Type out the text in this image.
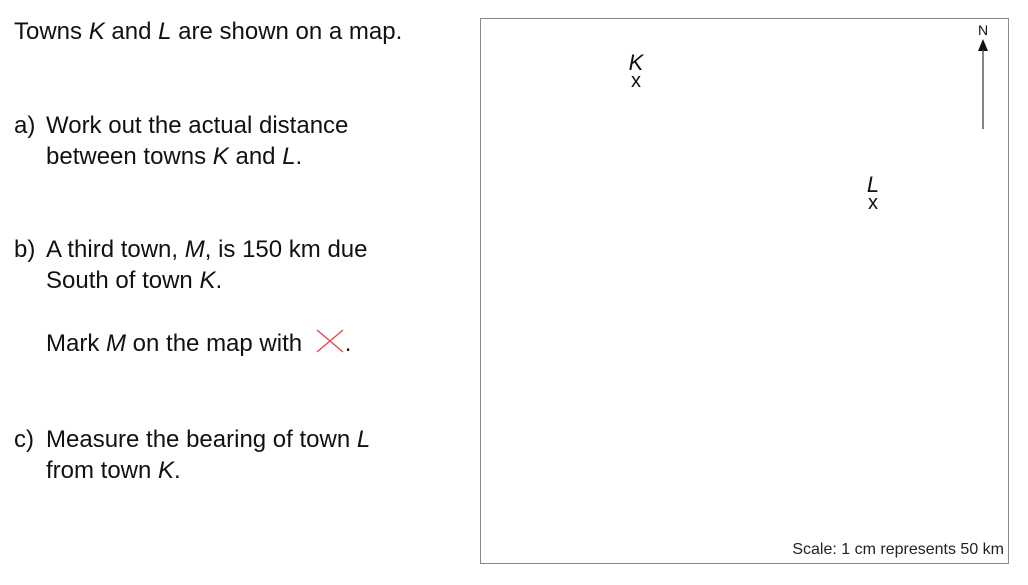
Towns K and L are shown on a map.
a) Work out the actual distance
between towns K and L.
b) A third town, M, is 150 km due
South of town K.
Mark M on the map with .
c) Measure the bearing of town L
from town K.
K
x
L
x
N
Scale: 1 cm represents 50 km
